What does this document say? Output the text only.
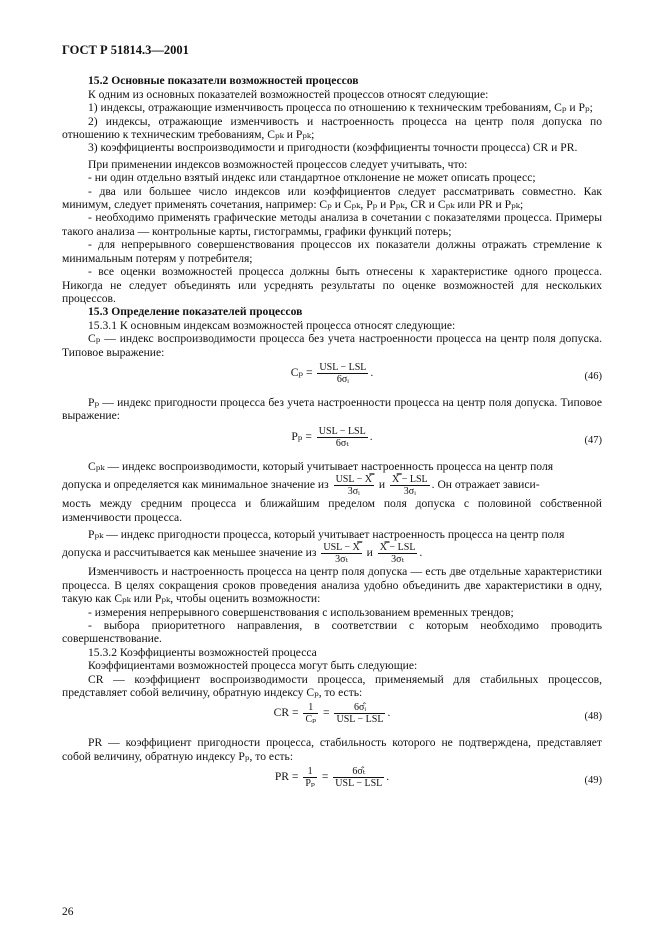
ГОСТ Р 51814.3—2001

15.2 Основные показатели возможностей процессов

К одним из основных показателей возможностей процессов относят следующие:

1) индексы, отражающие изменчивость процесса по отношению к техническим требованиям, Cₚ и Pₚ;

2) индексы, отражающие изменчивость и настроенность процесса на центр поля допуска по отношению к техническим требованиям, Cₚₖ и Pₚₖ;

3) коэффициенты воспроизводимости и пригодности (коэффициенты точности процесса) CR и PR.

При применении индексов возможностей процессов следует учитывать, что:

- ни один отдельно взятый индекс или стандартное отклонение не может описать процесс;

- два или большее число индексов или коэффициентов следует рассматривать совместно. Как минимум, следует применять сочетания, например: Cₚ и Cₚₖ, Pₚ и Pₚₖ, CR и Cₚₖ или PR и Pₚₖ;

- необходимо применять графические методы анализа в сочетании с показателями процесса. Примеры такого анализа — контрольные карты, гистограммы, графики функций потерь;

- для непрерывного совершенствования процессов их показатели должны отражать стремление к минимальным потерям у потребителя;

- все оценки возможностей процесса должны быть отнесены к характеристике одного процесса. Никогда не следует объединять или усреднять результаты по оценке возможностей для нескольких процессов.

15.3 Определение показателей процессов

15.3.1 К основным индексам возможностей процесса относят следующие:

Cₚ — индекс воспроизводимости процесса без учета настроенности процесса на центр поля допуска. Типовое выражение:

$C_p = \frac{\text{USL − LSL}}{\text{6σᵢ}}$ .	(46)

Pₚ — индекс пригодности процесса без учета настроенности процесса на центр поля допуска. Типовое выражение:

$P_p = \frac{\text{USL − LSL}}{\text{6σₜ}}$ .	(47)

Cₚₖ — индекс воспроизводимости, который учитывает настроенность процесса на центр поля

допуска и определяется как минимальное значение из $\frac{\text{USL − X̿}}{\text{3σᵢ}}$ и $\frac{\text{X̿ − LSL}}{\text{3σᵢ}}$ . Он отражает зависи-

мость между средним процесса и ближайшим пределом поля допуска с половиной собственной изменчивости процесса.

Pₚₖ — индекс пригодности процесса, который учитывает настроенность процесса на центр поля

допуска и рассчитывается как меньшее значение из $\frac{\text{USL − X̿}}{\text{3σₜ}}$ и $\frac{\text{X̿ − LSL}}{\text{3σₜ}}$ .

Изменчивость и настроенность процесса на центр поля допуска — есть две отдельные характеристики процесса. В целях сокращения сроков проведения анализа удобно объединить две характеристики в одну, такую как Cₚₖ или Pₚₖ, чтобы оценить возможности:

- измерения непрерывного совершенствования с использованием временных трендов;

- выбора приоритетного направления, в соответствии с которым необходимо проводить совершенствование.

15.3.2 Коэффициенты возможностей процесса

Коэффициентами возможностей процесса могут быть следующие:

CR — коэффициент воспроизводимости процесса, применяемый для стабильных процессов, представляет собой величину, обратную индексу Cₚ, то есть:

CR = $\frac{1}{\text{Cₚ}} = \frac{\text{6σ̂ᵢ}}{\text{USL − LSL}}$ .	(48)

PR — коэффициент пригодности процесса, стабильность которого не подтверждена, представляет собой величину, обратную индексу Pₚ, то есть:

PR = $\frac{1}{\text{Pₚ}} = \frac{\text{6σ̂ₜ}}{\text{USL − LSL}}$ .	(49)
26
